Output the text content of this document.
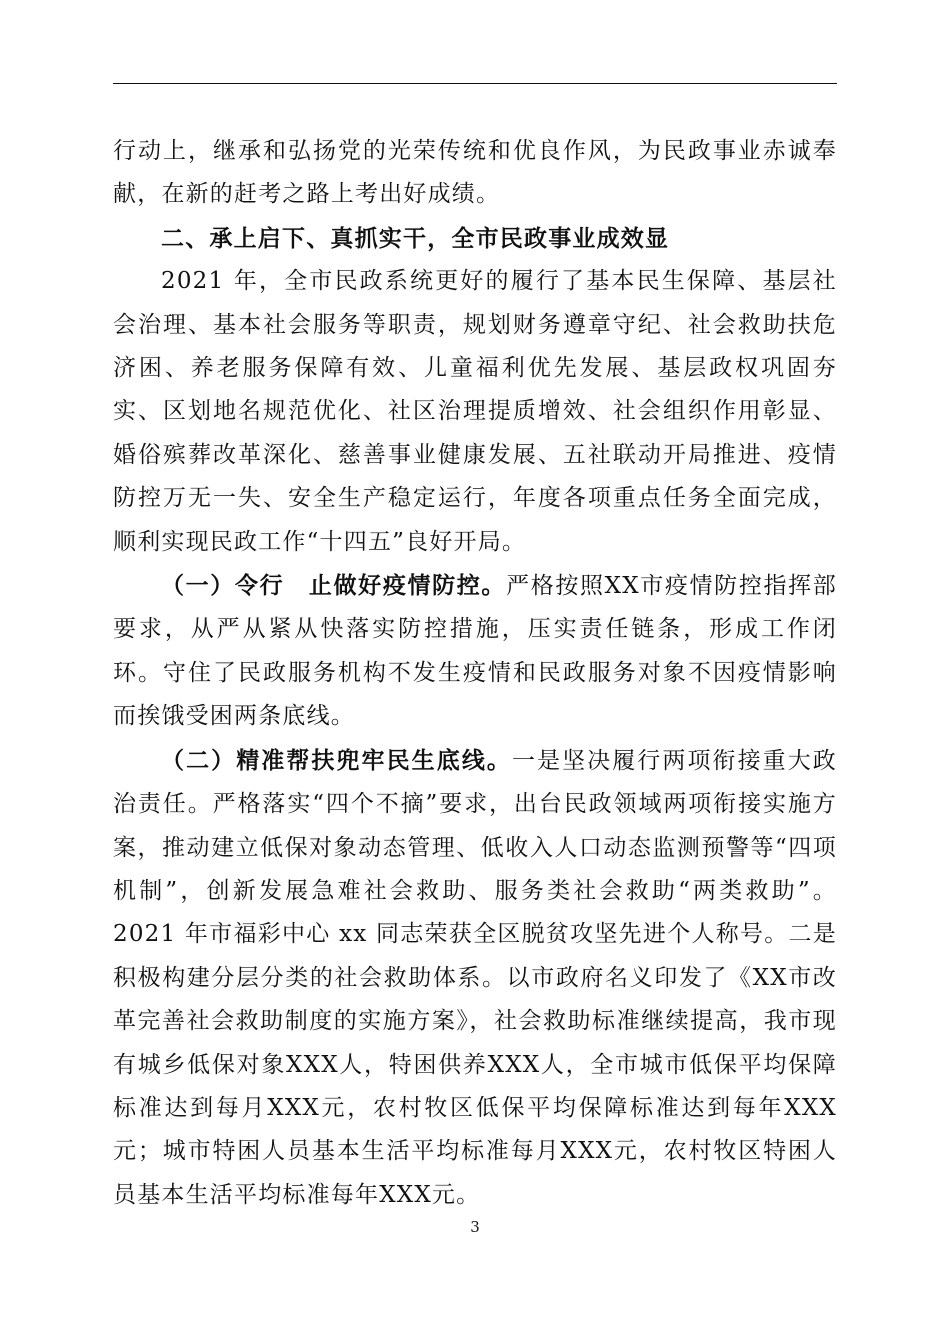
行动上，继承和弘扬党的光荣传统和优良作风，为民政事业赤诚奉献，在新的赶考之路上考出好成绩。

二、承上启下、真抓实干，全市民政事业成效显

2021 年，全市民政系统更好的履行了基本民生保障、基层社会治理、基本社会服务等职责，规划财务遵章守纪、社会救助扶危济困、养老服务保障有效、儿童福利优先发展、基层政权巩固夯实、区划地名规范优化、社区治理提质增效、社会组织作用彰显、婚俗殡葬改革深化、慈善事业健康发展、五社联动开局推进、疫情防控万无一失、安全生产稳定运行，年度各项重点任务全面完成，顺利实现民政工作“十四五”良好开局。

（一）令行　止做好疫情防控。严格按照XX市疫情防控指挥部要求，从严从紧从快落实防控措施，压实责任链条，形成工作闭环。守住了民政服务机构不发生疫情和民政服务对象不因疫情影响而挨饿受困两条底线。

（二）精准帮扶兜牢民生底线。一是坚决履行两项衔接重大政治责任。严格落实“四个不摘”要求，出台民政领域两项衔接实施方案，推动建立低保对象动态管理、低收入人口动态监测预警等“四项机制”，创新发展急难社会救助、服务类社会救助“两类救助”。2021 年市福彩中心 xx 同志荣获全区脱贫攻坚先进个人称号。二是积极构建分层分类的社会救助体系。以市政府名义印发了《XX市改革完善社会救助制度的实施方案》，社会救助标准继续提高，我市现有城乡低保对象XXX人，特困供养XXX人，全市城市低保平均保障标准达到每月XXX元，农村牧区低保平均保障标准达到每年XXX元；城市特困人员基本生活平均标准每月XXX元，农村牧区特困人员基本生活平均标准每年XXX元。

3
